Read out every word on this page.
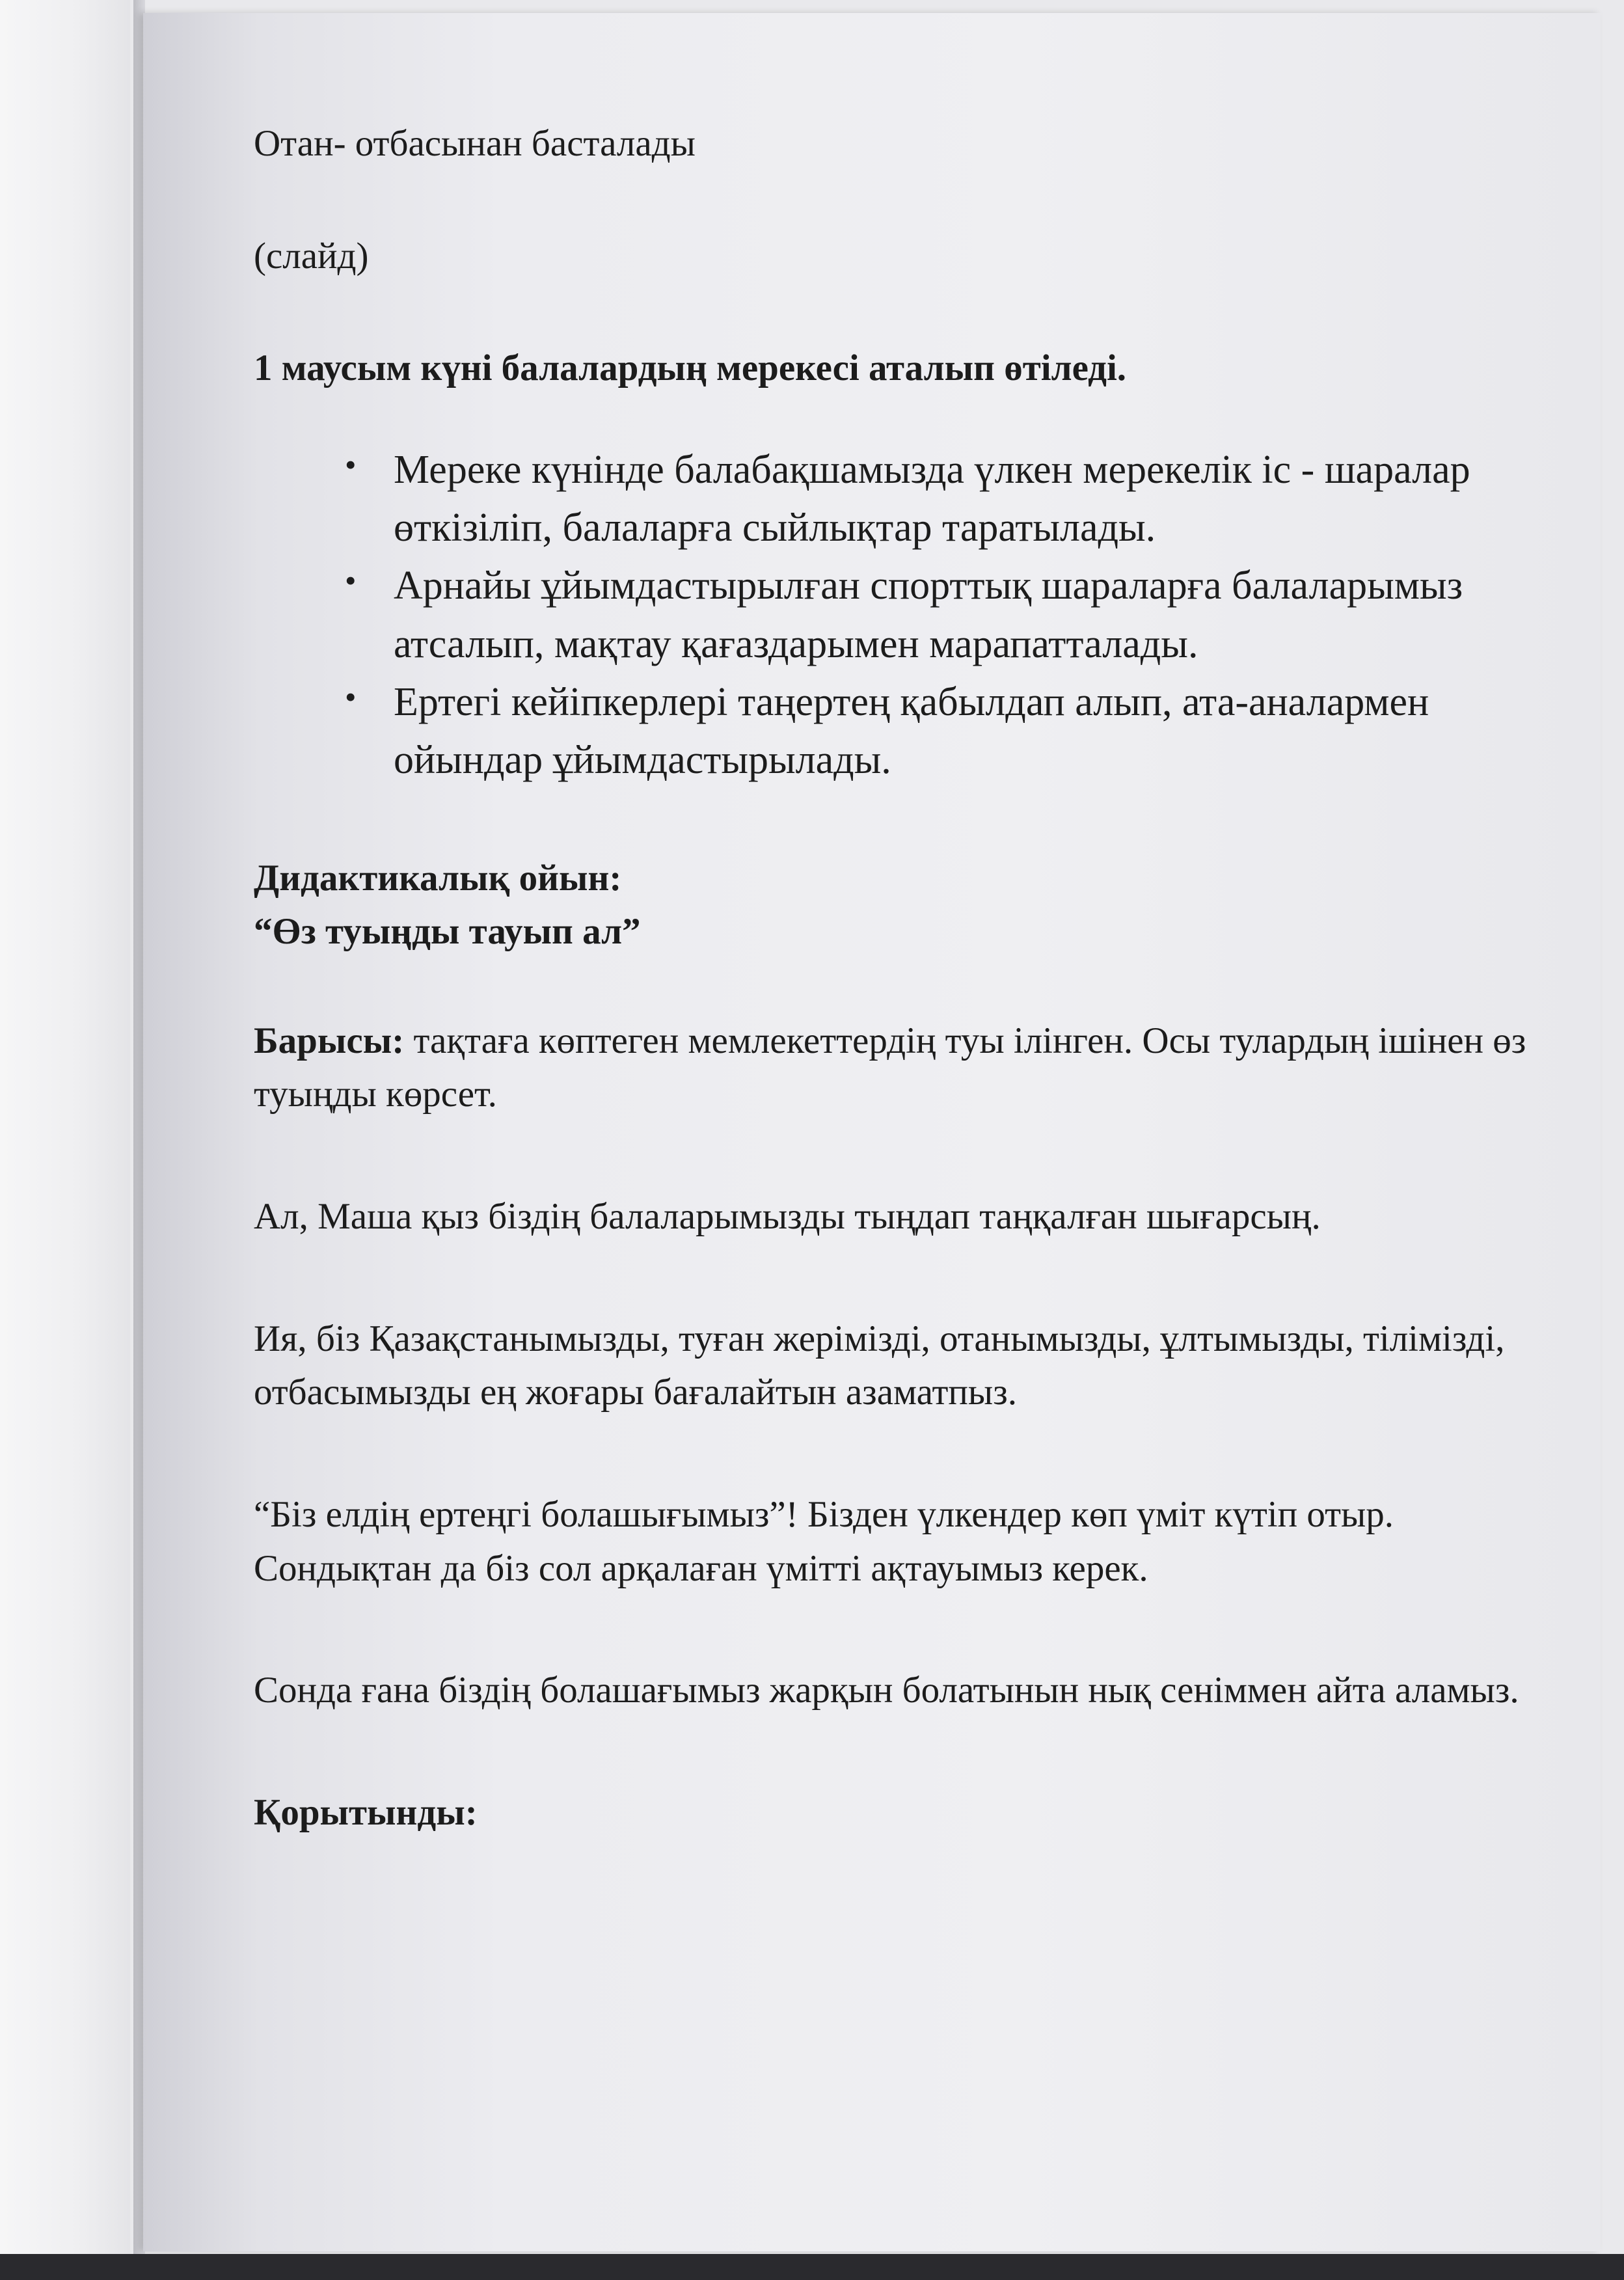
Отан- отбасынан басталады

(слайд)

1 маусым күні балалардың мерекесі аталып өтіледі.

• Мереке күнінде балабақшамызда үлкен мерекелік іс - шаралар өткізіліп, балаларға сыйлықтар таратылады.
• Арнайы ұйымдастырылған спорттық шараларға балаларымыз атсалып, мақтау қағаздарымен марапатталады.
• Ертегі кейіпкерлері таңертең қабылдап алып, ата-аналармен ойындар ұйымдастырылады.

Дидактикалық ойын:
“Өз туыңды тауып ал”

Барысы: тақтаға көптеген мемлекеттердің туы ілінген. Осы тулардың ішінен өз туыңды көрсет.

Ал, Маша қыз біздің балаларымызды тыңдап таңқалған шығарсың.

Ия, біз Қазақстанымызды, туған жерімізді, отанымызды, ұлтымызды, тілімізді, отбасымызды ең жоғары бағалайтын азаматпыз.

“Біз елдің ертеңгі болашығымыз”! Бізден үлкендер көп үміт күтіп отыр. Сондықтан да біз сол арқалаған үмітті ақтауымыз керек.

Сонда ғана біздің болашағымыз жарқын болатынын нық сеніммен айта аламыз.

Қорытынды:
